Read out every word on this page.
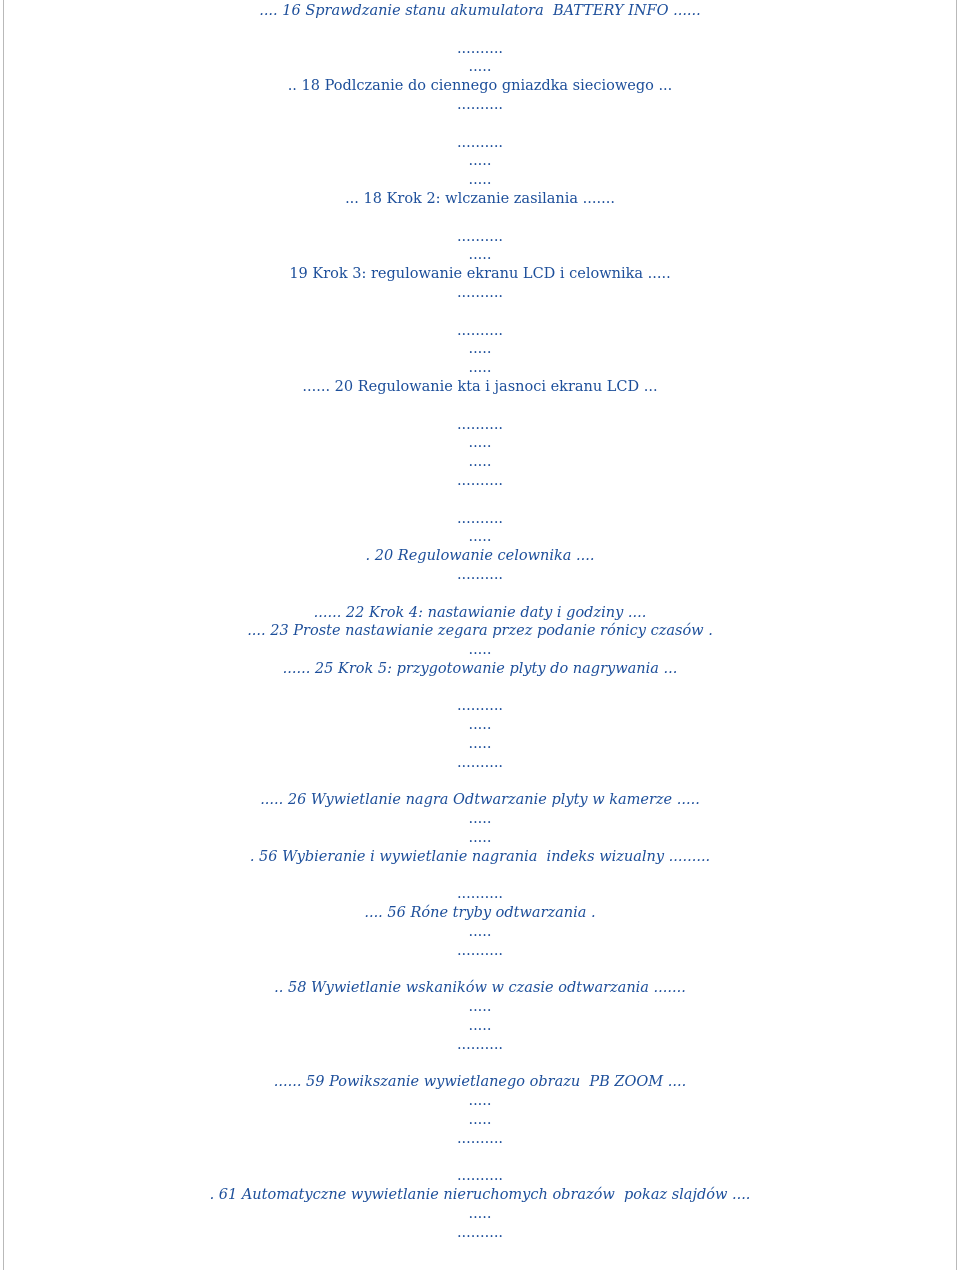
.... 16 Sprawdzanie stanu akumulatora  BATTERY INFO ......
..........
.....
.. 18 Podlczanie do ciennego gniazdka sieciowego ...
..........
..........
.....
.....
... 18 Krok 2: wlczanie zasilania .......
..........
.....
19 Krok 3: regulowanie ekranu LCD i celownika .....
..........
..........
.....
.....
...... 20 Regulowanie kta i jasnoci ekranu LCD ...
..........
.....
.....
..........
..........
.....
. 20 Regulowanie celownika ....
..........
...... 22 Krok 4: nastawianie daty i godziny ....
.... 23 Proste nastawianie zegara przez podanie rónicy czasów .
.....
...... 25 Krok 5: przygotowanie plyty do nagrywania ...
..........
.....
.....
..........
..... 26 Wywietlanie nagra Odtwarzanie plyty w kamerze .....
.....
.....
. 56 Wybieranie i wywietlanie nagrania  indeks wizualny .........
..........
.... 56 Róne tryby odtwarzania .
.....
..........
.. 58 Wywietlanie wskaników w czasie odtwarzania .......
.....
.....
..........
...... 59 Powikszanie wywietlanego obrazu  PB ZOOM ....
.....
.....
..........
..........
. 61 Automatyczne wywietlanie nieruchomych obrazów  pokaz slajdów ....
.....
..........
